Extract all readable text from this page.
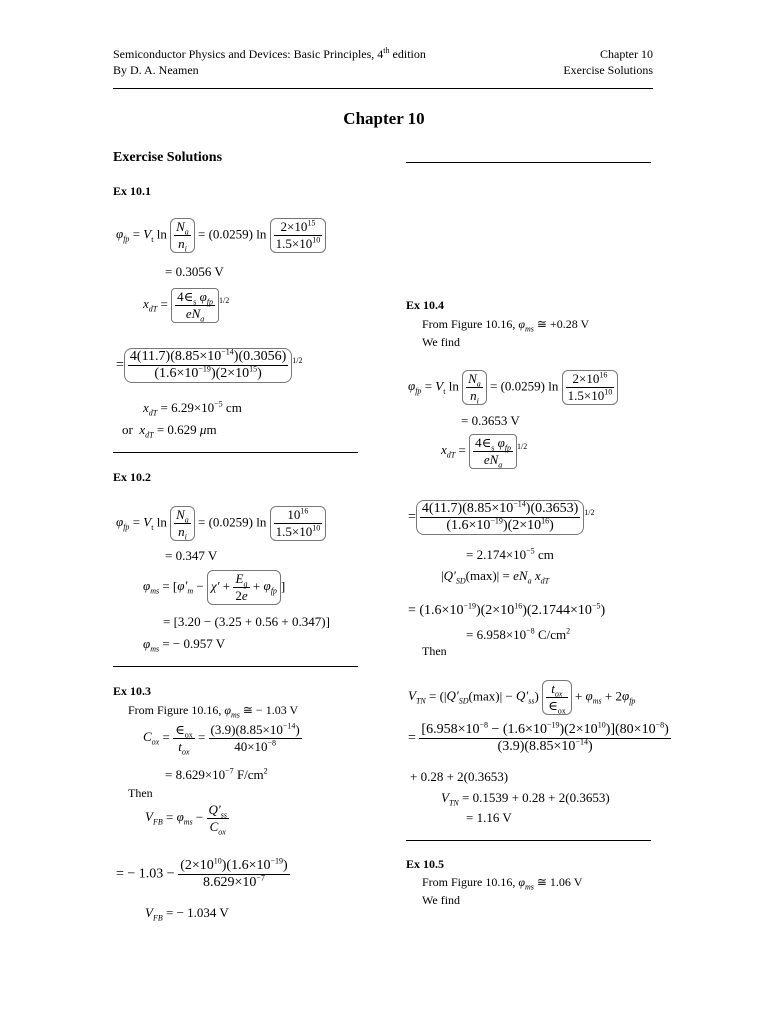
Semiconductor Physics and Devices: Basic Principles, 4th edition
By D. A. Neamen
Chapter 10
Exercise Solutions
Chapter 10
Exercise Solutions
Ex 10.1
$\varphi_{fp} = V_t$ $\ln \frac{N_a}{n_i} = (0.0259)$ $\ln \frac{2\times 10^{15}}{1.5\times 10^{10}}$
= 0.3056 V
$x_{dT} = \frac{4\in_s \varphi_{fp}}{eN_a} ^{1/2}$
= $\frac{4(11.7)(8.85\times 10^{-14})(0.3056)}{(1.6\times 10^{-19})(2\times 10^{15})} ^{1/2}$
$x_{dT} = 6.29\times 10^{-5}$ cm
or  $x_{dT} = 0.629$ μm
Ex 10.2
$\varphi_{fp} = V_t$ $\ln \frac{N_a}{n_i} = (0.0259)$ $\ln \frac{10^{16}}{1.5\times 10^{10}}$
= 0.347 V
$\varphi_{ms} = [\varphi'_m - \chi' + \frac{E_g}{2e} + \varphi_{fp}$ ]
= [3.20 − (3.25 + 0.56 + 0.347)]
$\varphi_{ms}$ = − 0.957 V
Ex 10.3
From Figure 10.16, $\varphi_{ms}$ ≅ − 1.03 V
$C_{ox} = \frac{\in_{ox}}{t_{ox}} = \frac{(3.9)(8.85\times 10^{-14})}{40\times 10^{-8}}$
= $8.629\times 10^{-7}$ $F/cm^2$
Then
$V_{FB} = \varphi_{ms} - \frac{Q'_{ss}}{C_{ox}}$
= − $1.03 - \frac{(2\times 10^{10})(1.6\times 10^{-19})}{8.629\times 10^{-7}}$
$V_{FB}$ = − 1.034 V
Ex 10.4
From Figure 10.16, $\varphi_{ms}$ ≅ +0.28 V
We find
$\varphi_{fp} = V_t$ $\ln \frac{N_a}{n_i} = (0.0259)$ $\ln \frac{2\times 10^{16}}{1.5\times 10^{10}}$
= 0.3653 V
$x_{dT} = \frac{4\in_s \varphi_{fp}}{eN_a} ^{1/2}$
= $\frac{4(11.7)(8.85\times 10^{-14})(0.3653)}{(1.6\times 10^{-19})(2\times 10^{16})} ^{1/2}$
= $2.174\times 10^{-5}$ cm
$|Q'_{SD}(\max)| = eN_a$ $x_{dT}$
= $(1.6\times 10^{-19})(2\times 10^{16})(2.1744\times 10^{-5})$
= $6.958\times 10^{-8}$ $C/cm^2$
Then
$V_{TN} = (|Q'_{SD}(\max)| - Q'_{ss}) \frac{t_{ox}}{\in_{ox}} + \varphi_{ms} + 2\varphi_{fp}$
= $\frac{[6.958\times 10^{-8} - (1.6\times 10^{-19})(2\times 10^{10})](80\times 10^{-8})}{(3.9)(8.85\times 10^{-14})}$
+ 0.28 + 2(0.3653)
$V_{TN} = 0.1539 + 0.28 + 2(0.3653)$
= 1.16 V
Ex 10.5
From Figure 10.16, $\varphi_{ms}$ ≅ 1.06 V
We find
